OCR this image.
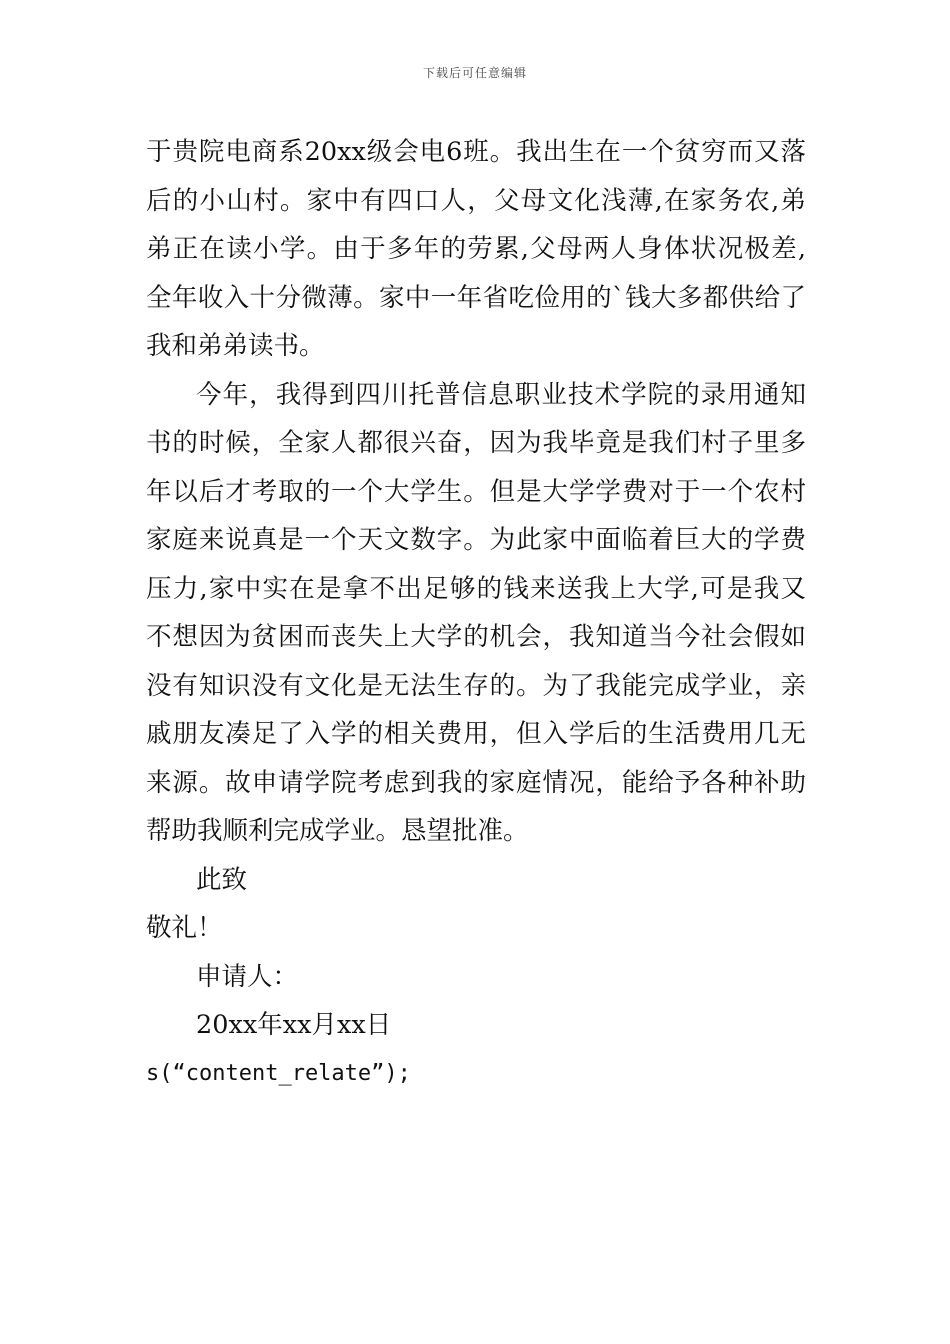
下载后可任意编辑
于贵院电商系20xx级会电6班。我出生在一个贫穷而又落
后的小山村。家中有四口人，父母文化浅薄,在家务农,弟
弟正在读小学。由于多年的劳累,父母两人身体状况极差,
全年收入十分微薄。家中一年省吃俭用的`钱大多都供给了
我和弟弟读书。
今年，我得到四川托普信息职业技术学院的录用通知
书的时候，全家人都很兴奋，因为我毕竟是我们村子里多
年以后才考取的一个大学生。但是大学学费对于一个农村
家庭来说真是一个天文数字。为此家中面临着巨大的学费
压力,家中实在是拿不出足够的钱来送我上大学,可是我又
不想因为贫困而丧失上大学的机会，我知道当今社会假如
没有知识没有文化是无法生存的。为了我能完成学业，亲
戚朋友凑足了入学的相关费用，但入学后的生活费用几无
来源。故申请学院考虑到我的家庭情况，能给予各种补助
帮助我顺利完成学业。恳望批准。
此致
敬礼！
申请人：
20xx年xx月xx日
s(“content_relate”);
